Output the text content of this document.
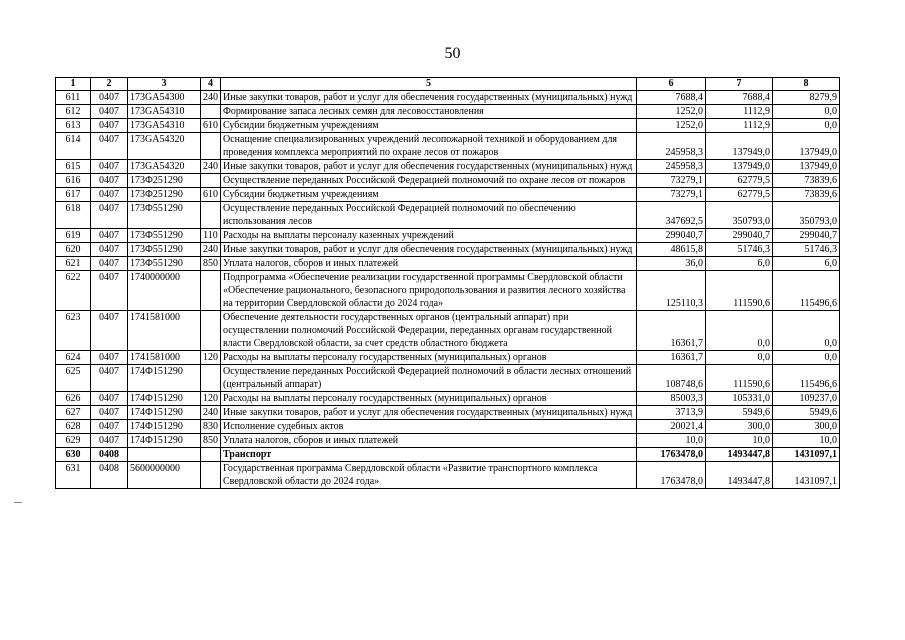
50
1	2	3	4	5	6	7	8
611	0407	173GA54300	240	Иные закупки товаров, работ и услуг для обеспечения государственных (муниципальных) нужд	7688,4	7688,4	8279,9
612	0407	173GA54310		Формирование запаса лесных семян для лесовосстановления	1252,0	1112,9	0,0
613	0407	173GA54310	610	Субсидии бюджетным учреждениям	1252,0	1112,9	0,0
614	0407	173GA54320		Оснащение специализированных учреждений лесопожарной техникой и оборудованием для проведения комплекса мероприятий по охране лесов от пожаров	245958,3	137949,0	137949,0
615	0407	173GA54320	240	Иные закупки товаров, работ и услуг для обеспечения государственных (муниципальных) нужд	245958,3	137949,0	137949,0
616	0407	173Ф251290		Осуществление переданных Российской Федерацией полномочий по охране лесов от пожаров	73279,1	62779,5	73839,6
617	0407	173Ф251290	610	Субсидии бюджетным учреждениям	73279,1	62779,5	73839,6
618	0407	173Ф551290		Осуществление переданных Российской Федерацией полномочий по обеспечению использования лесов	347692,5	350793,0	350793,0
619	0407	173Ф551290	110	Расходы на выплаты персоналу казенных учреждений	299040,7	299040,7	299040,7
620	0407	173Ф551290	240	Иные закупки товаров, работ и услуг для обеспечения государственных (муниципальных) нужд	48615,8	51746,3	51746,3
621	0407	173Ф551290	850	Уплата налогов, сборов и иных платежей	36,0	6,0	6,0
622	0407	1740000000		Подпрограмма «Обеспечение реализации государственной программы Свердловской области «Обеспечение рационального, безопасного природопользования и развития лесного хозяйства на территории Свердловской области до 2024 года»	125110,3	111590,6	115496,6
623	0407	1741581000		Обеспечение деятельности государственных органов (центральный аппарат) при осуществлении полномочий Российской Федерации, переданных органам государственной власти Свердловской области, за счет средств областного бюджета	16361,7	0,0	0,0
624	0407	1741581000	120	Расходы на выплаты персоналу государственных (муниципальных) органов	16361,7	0,0	0,0
625	0407	174Ф151290		Осуществление переданных Российской Федерацией полномочий в области лесных отношений (центральный аппарат)	108748,6	111590,6	115496,6
626	0407	174Ф151290	120	Расходы на выплаты персоналу государственных (муниципальных) органов	85003,3	105331,0	109237,0
627	0407	174Ф151290	240	Иные закупки товаров, работ и услуг для обеспечения государственных (муниципальных) нужд	3713,9	5949,6	5949,6
628	0407	174Ф151290	830	Исполнение судебных актов	20021,4	300,0	300,0
629	0407	174Ф151290	850	Уплата налогов, сборов и иных платежей	10,0	10,0	10,0
630	0408			Транспорт	1763478,0	1493447,8	1431097,1
631	0408	5600000000		Государственная программа Свердловской области «Развитие транспортного комплекса Свердловской области до 2024 года»	1763478,0	1493447,8	1431097,1
